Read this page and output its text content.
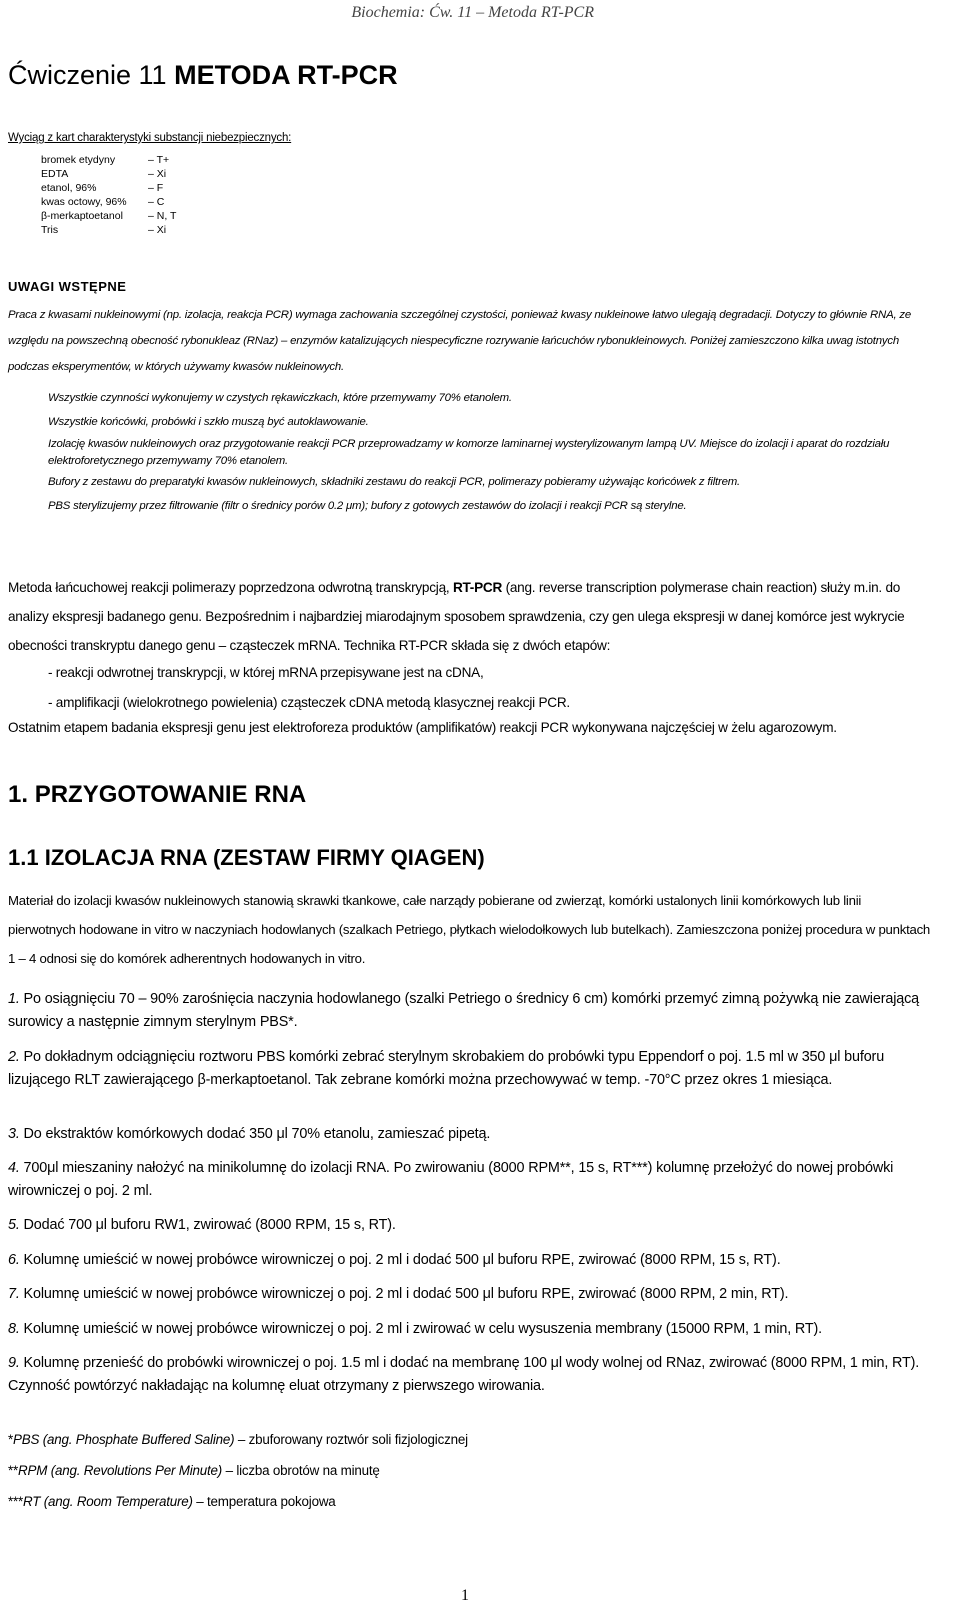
Biochemia: Ćw. 11 – Metoda RT-PCR
Ćwiczenie 11 METODA RT-PCR
Wyciąg z kart charakterystyki substancji niebezpiecznych:
bromek etydyny	– T+
EDTA	– Xi
etanol, 96%	– F
kwas octowy, 96% – C
β-merkaptoetanol – N, T
Tris	– Xi
UWAGI WSTĘPNE
Praca z kwasami nukleinowymi (np. izolacja, reakcja PCR) wymaga zachowania szczególnej czystości, ponieważ kwasy nukleinowe łatwo ulegają degradacji. Dotyczy to głównie RNA, ze względu na powszechną obecność rybonukleaz (RNaz) – enzymów katalizujących niespecyficzne rozrywanie łańcuchów rybonukleinowych. Poniżej zamieszczono kilka uwag istotnych podczas eksperymentów, w których używamy kwasów nukleinowych.
Wszystkie czynności wykonujemy w czystych rękawiczkach, które przemywamy 70% etanolem.
Wszystkie końcówki, probówki i szkło muszą być autoklawowanie.
Izolację kwasów nukleinowych oraz przygotowanie reakcji PCR przeprowadzamy w komorze laminarnej wysterylizowanym lampą UV. Miejsce do izolacji i aparat do rozdziału elektroforetycznego przemywamy 70% etanolem.
Bufory z zestawu do preparatyki kwasów nukleinowych, składniki zestawu do reakcji PCR, polimerazy pobieramy używając końcówek z filtrem.
PBS sterylizujemy przez filtrowanie (filtr o średnicy porów 0.2 μm); bufory z gotowych zestawów do izolacji i reakcji PCR są sterylne.
Metoda łańcuchowej reakcji polimerazy poprzedzona odwrotną transkrypcją, RT-PCR (ang. reverse transcription polymerase chain reaction) służy m.in. do analizy ekspresji badanego genu. Bezpośrednim i najbardziej miarodajnym sposobem sprawdzenia, czy gen ulega ekspresji w danej komórce jest wykrycie obecności transkryptu danego genu – cząsteczek mRNA. Technika RT-PCR składa się z dwóch etapów:
- reakcji odwrotnej transkrypcji, w której mRNA przepisywane jest na cDNA,
- amplifikacji (wielokrotnego powielenia) cząsteczek cDNA metodą klasycznej reakcji PCR.
Ostatnim etapem badania ekspresji genu jest elektroforeza produktów (amplifikatów) reakcji PCR wykonywana najczęściej w żelu agarozowym.
1. PRZYGOTOWANIE RNA
1.1 IZOLACJA RNA (ZESTAW FIRMY QIAGEN)
Materiał do izolacji kwasów nukleinowych stanowią skrawki tkankowe, całe narządy pobierane od zwierząt, komórki ustalonych linii komórkowych lub linii pierwotnych hodowane in vitro w naczyniach hodowlanych (szalkach Petriego, płytkach wielodołkowych lub butelkach). Zamieszczona poniżej procedura w punktach 1 – 4 odnosi się do komórek adherentnych hodowanych in vitro.
1. Po osiągnięciu 70 – 90% zarośnięcia naczynia hodowlanego (szalki Petriego o średnicy 6 cm) komórki przemyć zimną pożywką nie zawierającą surowicy a następnie zimnym sterylnym PBS*.
2. Po dokładnym odciągnięciu roztworu PBS komórki zebrać sterylnym skrobakiem do probówki typu Eppendorf o poj. 1.5 ml w 350 μl buforu lizującego RLT zawierającego β-merkaptoetanol. Tak zebrane komórki można przechowywać w temp. -70°C przez okres 1 miesiąca.
3. Do ekstraktów komórkowych dodać 350 μl 70% etanolu, zamieszać pipetą.
4. 700μl mieszaniny nałożyć na minikolumnę do izolacji RNA. Po zwirowaniu (8000 RPM**, 15 s, RT***) kolumnę przełożyć do nowej probówki wirowniczej o poj. 2 ml.
5. Dodać 700 μl buforu RW1, zwirować (8000 RPM, 15 s, RT).
6. Kolumnę umieścić w nowej probówce wirowniczej o poj. 2 ml i dodać 500 μl buforu RPE, zwirować (8000 RPM, 15 s, RT).
7. Kolumnę umieścić w nowej probówce wirowniczej o poj. 2 ml i dodać 500 μl buforu RPE, zwirować (8000 RPM, 2 min, RT).
8. Kolumnę umieścić w nowej probówce wirowniczej o poj. 2 ml i zwirować w celu wysuszenia membrany (15000 RPM, 1 min, RT).
9. Kolumnę przenieść do probówki wirowniczej o poj. 1.5 ml i dodać na membranę 100 μl wody wolnej od RNaz, zwirować (8000 RPM, 1 min, RT). Czynność powtórzyć nakładając na kolumnę eluat otrzymany z pierwszego wirowania.
*PBS (ang. Phosphate Buffered Saline) – zbuforowany roztwór soli fizjologicznej
**RPM (ang. Revolutions Per Minute) – liczba obrotów na minutę
***RT (ang. Room Temperature) – temperatura pokojowa
1
